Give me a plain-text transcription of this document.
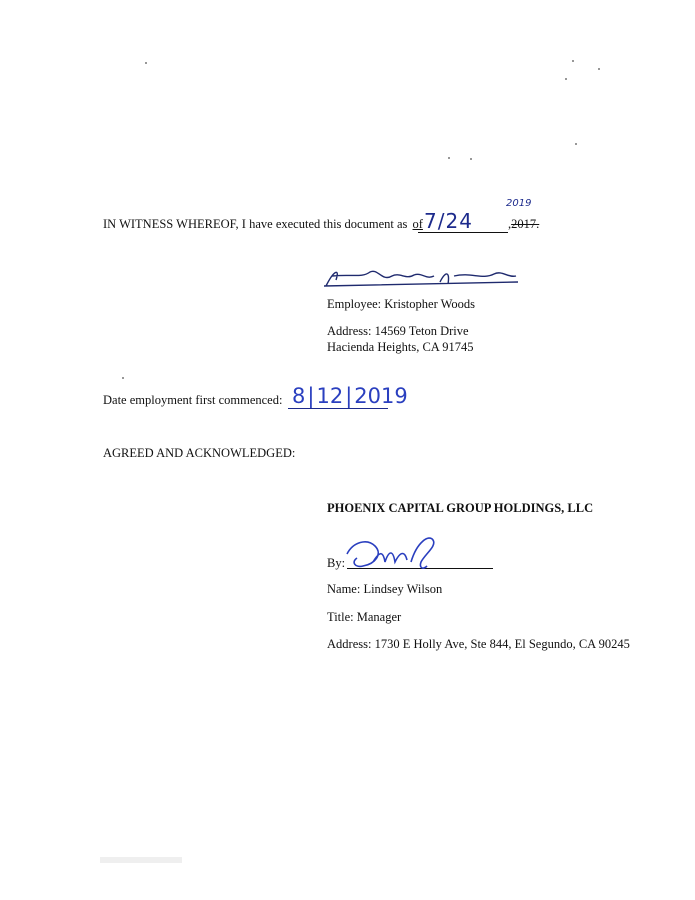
IN WITNESS WHEREOF, I have executed this document as of 7/24
2019
,2017.
Employee: Kristopher Woods
Address: 14569 Teton Drive
Hacienda Heights, CA 91745
Date employment first commenced: 8|12|2019
AGREED AND ACKNOWLEDGED:
PHOENIX CAPITAL GROUP HOLDINGS, LLC
By:
Name: Lindsey Wilson
Title: Manager
Address: 1730 E Holly Ave, Ste 844, El Segundo, CA 90245
